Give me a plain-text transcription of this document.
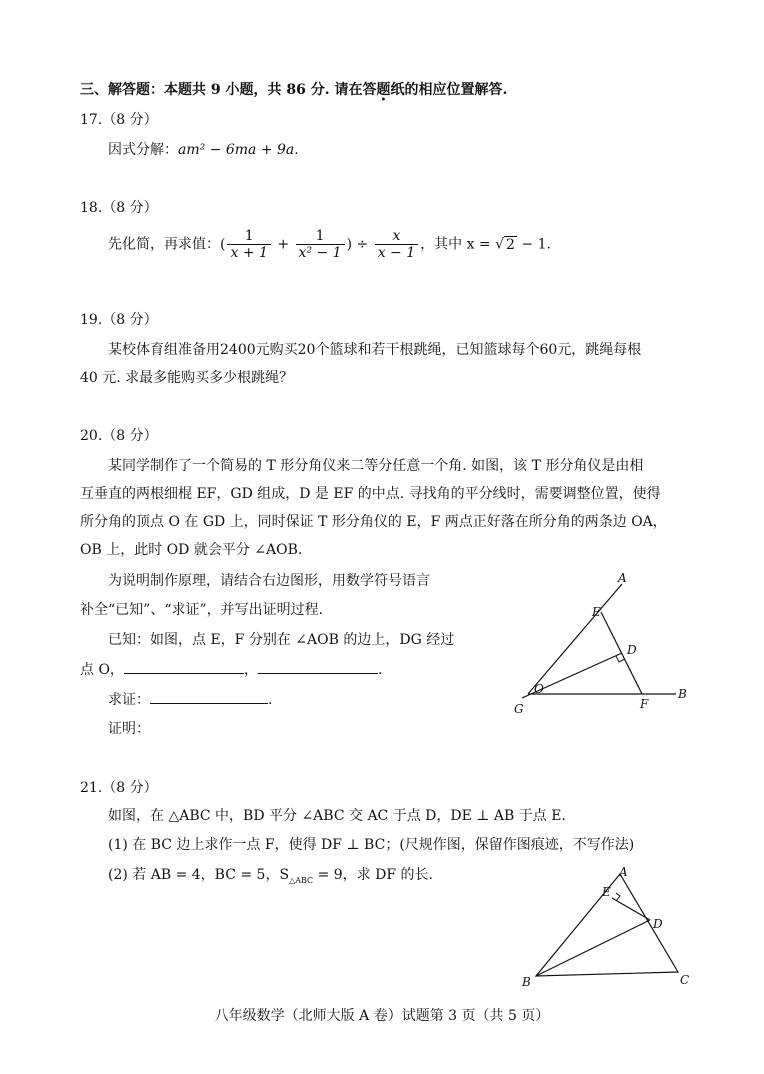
三、解答题：本题共 9 小题，共 86 分. 请在答题纸的相应位置解答.
17.（8 分）
因式分解：am² − 6ma + 9a.
18.（8 分）
先化简，再求值：( $\frac{1}{x + 1} + \frac{1}{\text{x² − 1}}$ ) ÷ $\frac{x}{x - 1}$ ，其中 x = √ 2 − 1.
19.（8 分）
某校体育组准备用2400元购买20个篮球和若干根跳绳，已知篮球每个60元，跳绳每根
40 元. 求最多能购买多少根跳绳？
20.（8 分）
某同学制作了一个简易的 T 形分角仪来二等分任意一个角. 如图，该 T 形分角仪是由相
互垂直的两根细棍 EF，GD 组成，D 是 EF 的中点. 寻找角的平分线时，需要调整位置，使得
所分角的顶点 O 在 GD 上，同时保证 T 形分角仪的 E，F 两点正好落在所分角的两条边 OA，
OB 上，此时 OD 就会平分 ∠AOB.
为说明制作原理，请结合右边图形，用数学符号语言
补全“已知”、“求证”，并写出证明过程.
已知：如图，点 E，F 分别在 ∠AOB 的边上，DG 经过
点 O，	，	.
求证：	.
证明：
A
E
D
O	B
G	F
21.（8 分）
如图，在 △ABC 中，BD 平分 ∠ABC 交 AC 于点 D，DE ⊥ AB 于点 E.
(1) 在 BC 边上求作一点 F，使得 DF ⊥ BC；(尺规作图，保留作图痕迹，不写作法)
(2) 若 AB = 4，BC = 5，$S_{\triangle ABC} = 9$，求 DF 的长.	A
E
D
B	C
八年级数学（北师大版 A 卷）试题第 3 页（共 5 页）
